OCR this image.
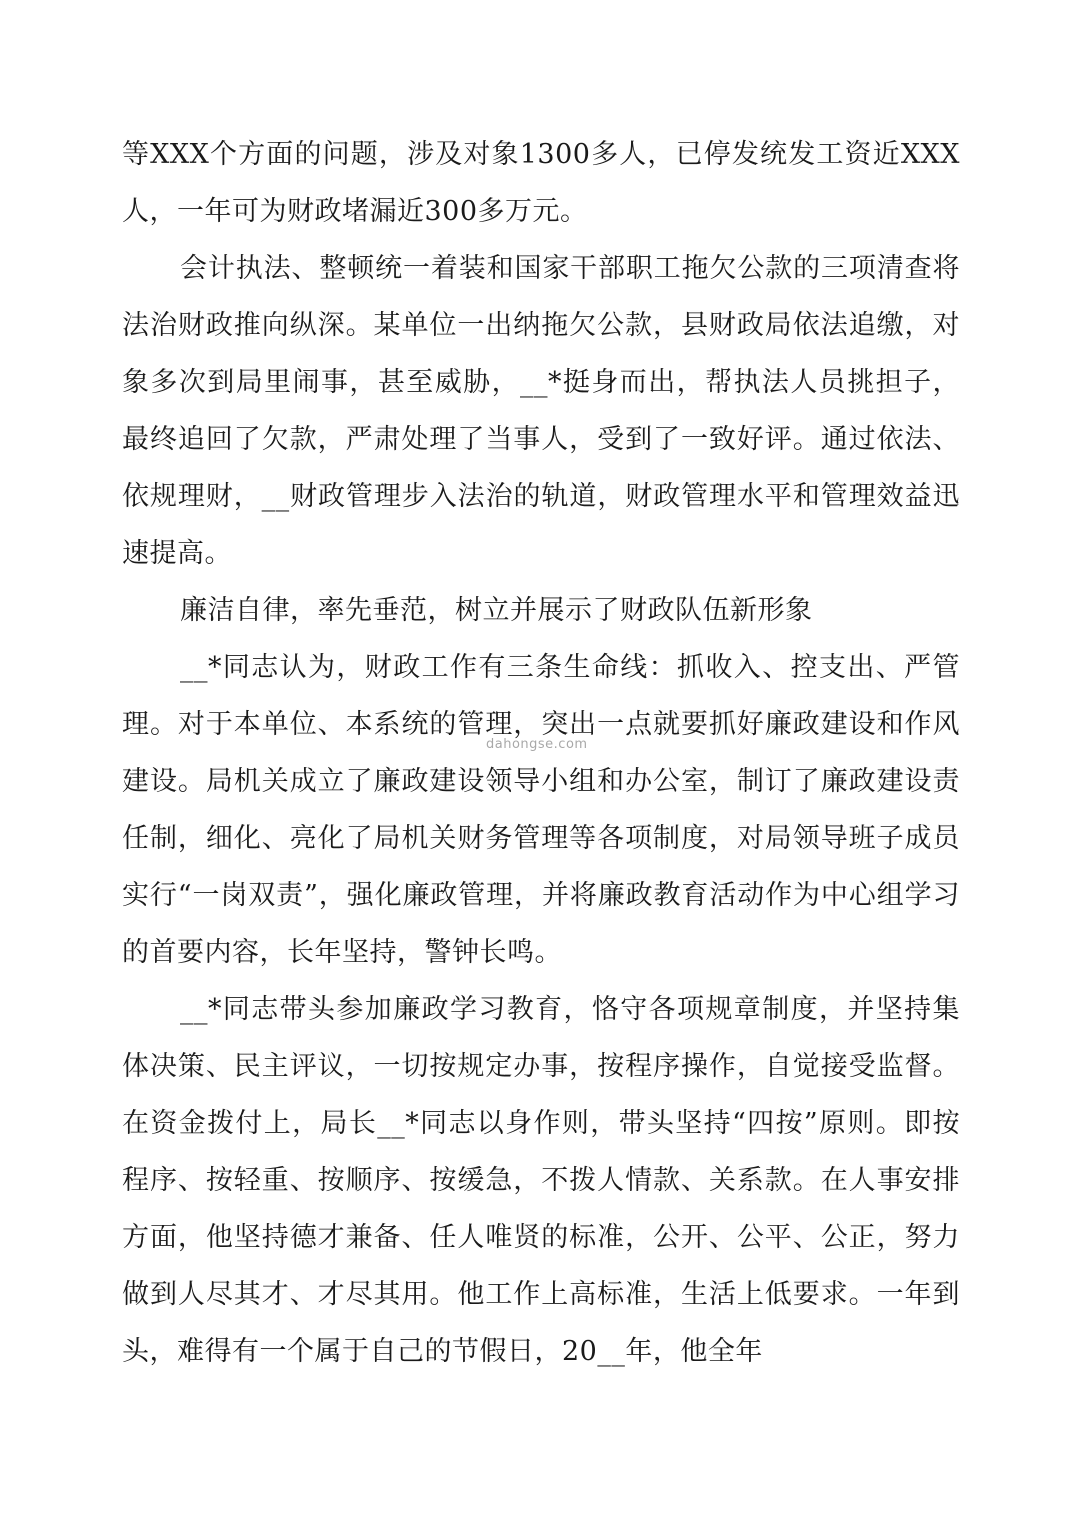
等XXX个方面的问题，涉及对象1300多人，已停发统发工资近XXX人，一年可为财政堵漏近300多万元。

会计执法、整顿统一着装和国家干部职工拖欠公款的三项清查将法治财政推向纵深。某单位一出纳拖欠公款，县财政局依法追缴，对象多次到局里闹事，甚至威胁，__*挺身而出，帮执法人员挑担子，最终追回了欠款，严肃处理了当事人，受到了一致好评。通过依法、依规理财，__财政管理步入法治的轨道，财政管理水平和管理效益迅速提高。

廉洁自律，率先垂范，树立并展示了财政队伍新形象

__*同志认为，财政工作有三条生命线：抓收入、控支出、严管理。对于本单位、本系统的管理，突出一点就要抓好廉政建设和作风建设。局机关成立了廉政建设领导小组和办公室，制订了廉政建设责任制，细化、亮化了局机关财务管理等各项制度，对局领导班子成员实行“一岗双责”，强化廉政管理，并将廉政教育活动作为中心组学习的首要内容，长年坚持，警钟长鸣。

__*同志带头参加廉政学习教育，恪守各项规章制度，并坚持集体决策、民主评议，一切按规定办事，按程序操作，自觉接受监督。在资金拨付上，局长__*同志以身作则，带头坚持“四按”原则。即按程序、按轻重、按顺序、按缓急，不拨人情款、关系款。在人事安排方面，他坚持德才兼备、任人唯贤的标准，公开、公平、公正，努力做到人尽其才、才尽其用。他工作上高标准，生活上低要求。一年到头，难得有一个属于自己的节假日，20__年，他全年

dahongse.com
